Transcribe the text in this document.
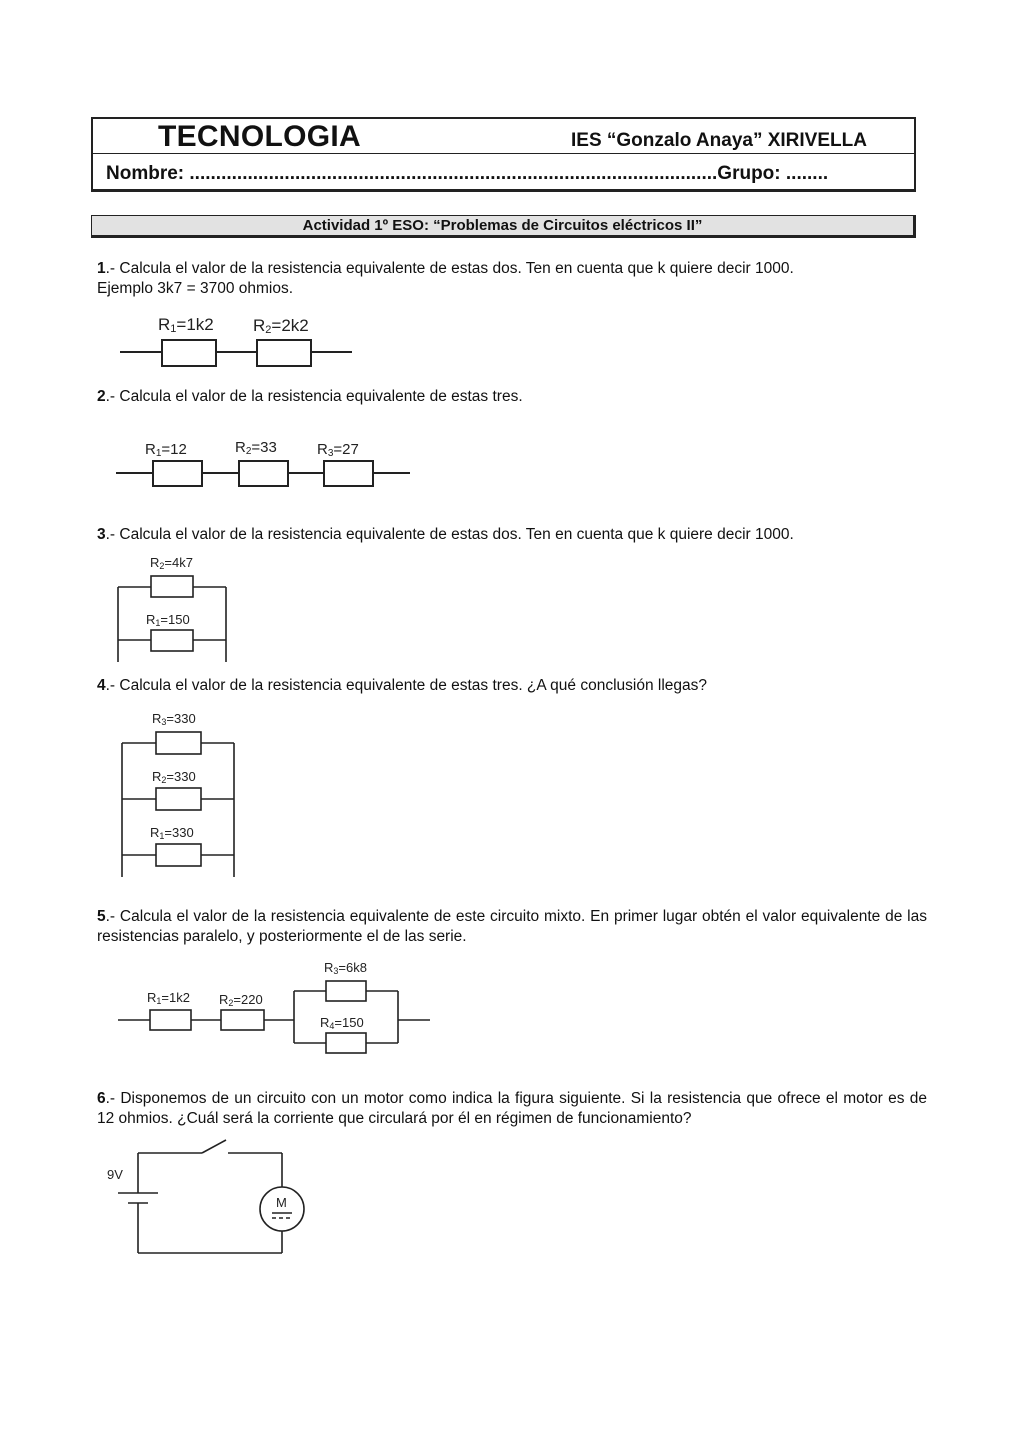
TECNOLOGIA	IES “Gonzalo Anaya” XIRIVELLA
Nombre: ....................................................................................................Grupo: ........
Actividad 1º ESO: “Problemas de Circuitos eléctricos II”
1.- Calcula el valor de la resistencia equivalente de estas dos. Ten en cuenta que k quiere decir 1000.
Ejemplo 3k7 = 3700 ohmios.
R1=1k2 R2=2k2
2.- Calcula el valor de la resistencia equivalente de estas tres.
R1=12	R2=33	R3=27
3.- Calcula el valor de la resistencia equivalente de estas dos. Ten en cuenta que k quiere decir 1000.
R2=4k7
R1=150
4.- Calcula el valor de la resistencia equivalente de estas tres. ¿A qué conclusión llegas?
R3=330
R2=330
R1=330
5.- Calcula el valor de la resistencia equivalente de este circuito mixto. En primer lugar obtén el valor equivalente de las resistencias paralelo, y posteriormente el de las serie.
R3=6k8
R1=1k2 R2=220
R4=150
6.- Disponemos de un circuito con un motor como indica la figura siguiente. Si la resistencia que ofrece el motor es de 12 ohmios. ¿Cuál será la corriente que circulará por él en régimen de funcionamiento?
9V
M
